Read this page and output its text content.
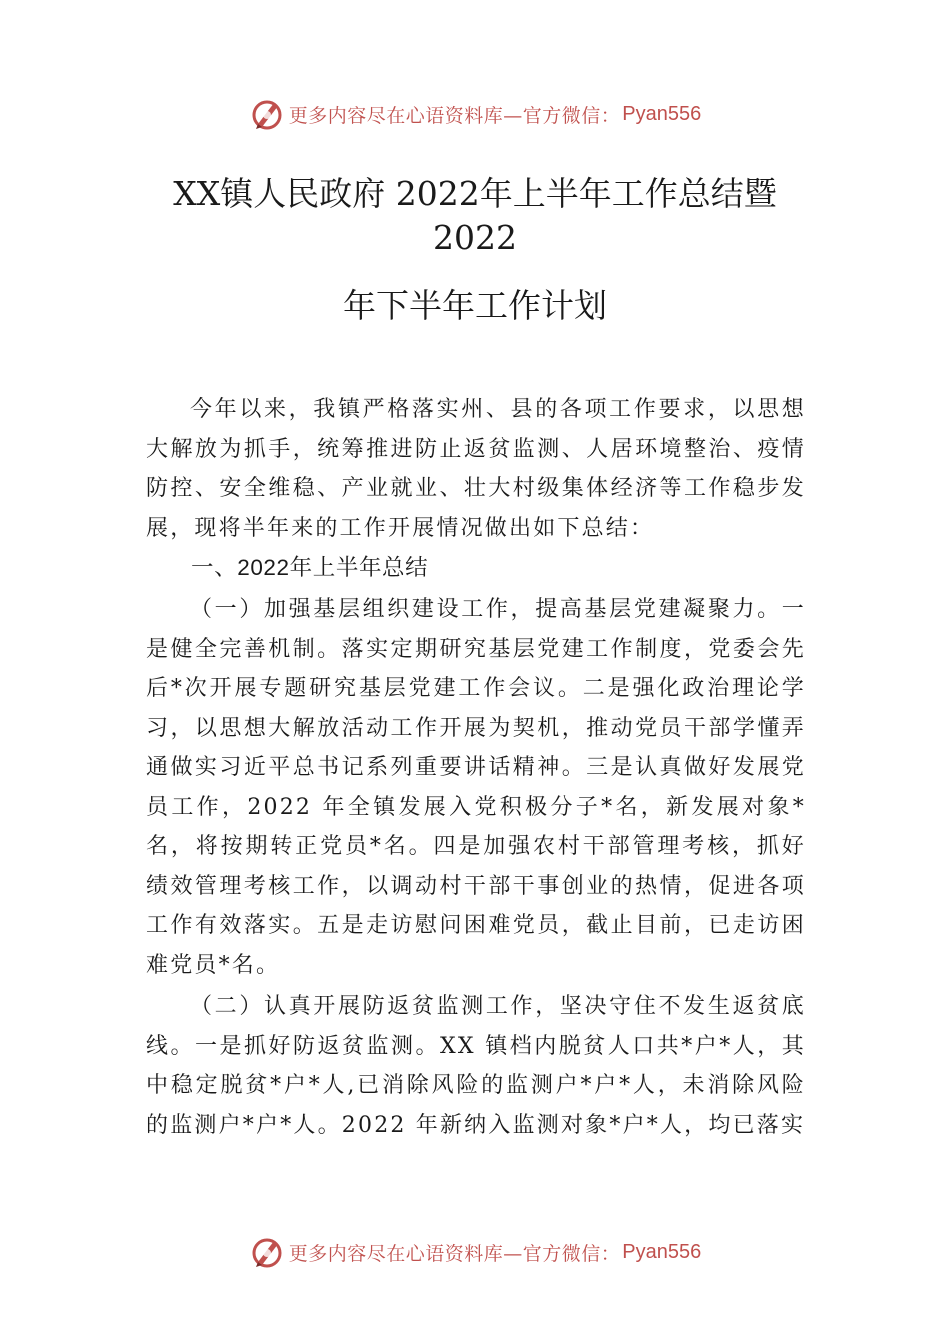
更多内容尽在心语资料库—官方微信： Pyan556
XX镇人民政府 2022年上半年工作总结暨2022
年下半年工作计划

今年以来，我镇严格落实州、县的各项工作要求，以思想大解放为抓手，统筹推进防止返贫监测、人居环境整治、疫情防控、安全维稳、产业就业、壮大村级集体经济等工作稳步发展，现将半年来的工作开展情况做出如下总结：

一、2022年上半年总结

（一）加强基层组织建设工作，提高基层党建凝聚力。一是健全完善机制。落实定期研究基层党建工作制度，党委会先后*次开展专题研究基层党建工作会议。二是强化政治理论学习，以思想大解放活动工作开展为契机，推动党员干部学懂弄通做实习近平总书记系列重要讲话精神。三是认真做好发展党员工作，2022 年全镇发展入党积极分子*名，新发展对象*名，将按期转正党员*名。四是加强农村干部管理考核，抓好绩效管理考核工作，以调动村干部干事创业的热情，促进各项工作有效落实。五是走访慰问困难党员，截止目前，已走访困难党员*名。

（二）认真开展防返贫监测工作，坚决守住不发生返贫底线。一是抓好防返贫监测。XX 镇档内脱贫人口共*户*人，其中稳定脱贫*户*人,已消除风险的监测户*户*人，未消除风险的监测户*户*人。2022 年新纳入监测对象*户*人，均已落实

更多内容尽在心语资料库—官方微信： Pyan556
